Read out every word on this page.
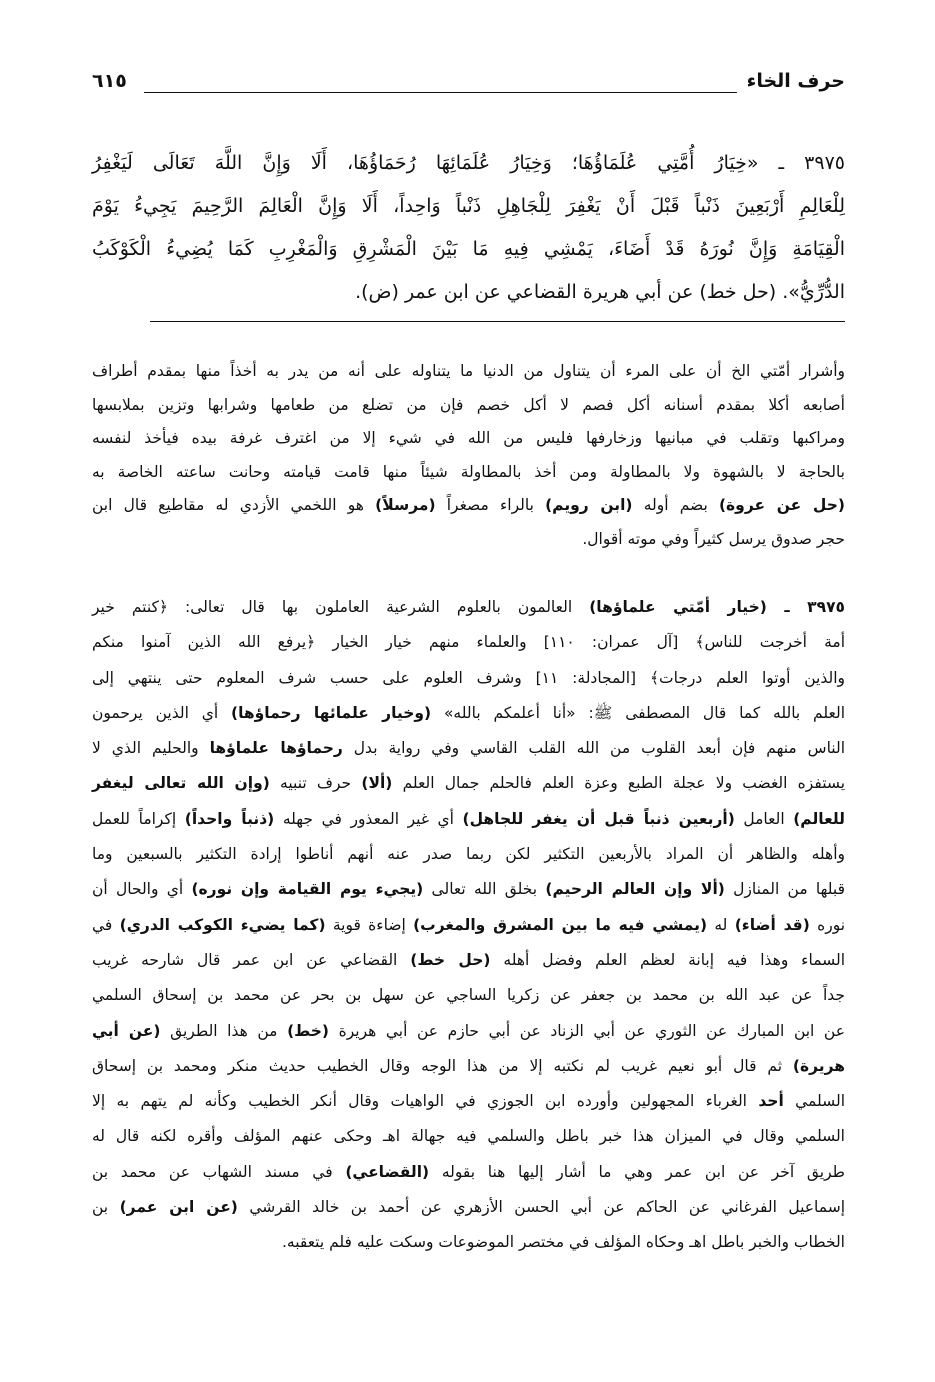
حرف الخاء
٦١٥
٣٩٧٥ ـ «خِيَارُ أُمَّتِي عُلَمَاؤُهَا؛ وَخِيَارُ عُلَمَائِهَا رُحَمَاؤُهَا، أَلَا وَإِنَّ اللَّهَ تَعَالَى لَيَغْفِرُ
لِلْعَالِمِ أَرْبَعِينَ ذَنْباً قَبْلَ أَنْ يَغْفِرَ لِلْجَاهِلِ ذَنْباً وَاحِداً، أَلَا وَإِنَّ الْعَالِمَ الرَّحِيمَ يَجِيءُ يَوْمَ
الْقِيَامَةِ وَإِنَّ نُورَهُ قَدْ أَضَاءَ، يَمْشِي فِيهِ مَا بَيْنَ الْمَشْرِقِ وَالْمَغْرِبِ كَمَا يُضِيءُ الْكَوْكَبُ
الدُّرِّيُّ». (حل خط) عن أبي هريرة القضاعي عن ابن عمر (ض).
وأشرار أمّتي الخ أن على المرء أن يتناول من الدنيا ما يتناوله على أنه من يدر به أخذاً منها بمقدم أطراف
أصابعه أكلا بمقدم أسنانه أكل فصم لا أكل خصم فإن من تضلع من طعامها وشرابها وتزين بملابسها
ومراكبها وتقلب في مبانيها وزخارفها فليس من الله في شيء إلا من اغترف غرفة بيده فيأخذ لنفسه
بالحاجة لا بالشهوة ولا بالمطاولة ومن أخذ بالمطاولة شيئاً منها قامت قيامته وحانت ساعته الخاصة به
(حل عن عروة) بضم أوله (ابن رويم) بالراء مصغراً (مرسلاً) هو اللخمي الأزدي له مقاطيع قال ابن
حجر صدوق يرسل كثيراً وفي موته أقوال.
٣٩٧٥ ـ (خيار أمّتي علماؤها) العالمون بالعلوم الشرعية العاملون بها قال تعالى: ﴿كنتم خير
أمة أخرجت للناس﴾ [آل عمران: ١١٠] والعلماء منهم خيار الخيار ﴿يرفع الله الذين آمنوا منكم
والذين أوتوا العلم درجات﴾ [المجادلة: ١١] وشرف العلوم على حسب شرف المعلوم حتى ينتهي إلى
العلم بالله كما قال المصطفى ﷺ: «أنا أعلمكم بالله» (وخيار علمائها رحماؤها) أي الذين يرحمون
الناس منهم فإن أبعد القلوب من الله القلب القاسي وفي رواية بدل رحماؤها علماؤها والحليم الذي لا
يستفزه الغضب ولا عجلة الطبع وعزة العلم فالحلم جمال العلم (ألا) حرف تنبيه (وإن الله تعالى ليغفر
للعالم) العامل (أربعين ذنباً قبل أن يغفر للجاهل) أي غير المعذور في جهله (ذنباً واحداً) إكراماً للعمل
وأهله والظاهر أن المراد بالأربعين التكثير لكن ربما صدر عنه أنهم أناطوا إرادة التكثير بالسبعين وما
قبلها من المنازل (ألا وإن العالم الرحيم) بخلق الله تعالى (يجيء يوم القيامة وإن نوره) أي والحال أن
نوره (قد أضاء) له (يمشي فيه ما بين المشرق والمغرب) إضاءة قوية (كما يضيء الكوكب الدري) في
السماء وهذا فيه إبانة لعظم العلم وفضل أهله (حل خط) القضاعي عن ابن عمر قال شارحه غريب
جداً عن عبد الله بن محمد بن جعفر عن زكريا الساجي عن سهل بن بحر عن محمد بن إسحاق السلمي
عن ابن المبارك عن الثوري عن أبي الزناد عن أبي حازم عن أبي هريرة (خط) من هذا الطريق (عن أبي
هريرة) ثم قال أبو نعيم غريب لم نكتبه إلا من هذا الوجه وقال الخطيب حديث منكر ومحمد بن إسحاق
السلمي أحد الغرباء المجهولين وأورده ابن الجوزي في الواهيات وقال أنكر الخطيب وكأنه لم يتهم به إلا
السلمي وقال في الميزان هذا خبر باطل والسلمي فيه جهالة اهـ وحكى عنهم المؤلف وأقره لكنه قال له
طريق آخر عن ابن عمر وهي ما أشار إليها هنا بقوله (القضاعي) في مسند الشهاب عن محمد بن
إسماعيل الفرغاني عن الحاكم عن أبي الحسن الأزهري عن أحمد بن خالد القرشي (عن ابن عمر) بن
الخطاب والخبر باطل اهـ وحكاه المؤلف في مختصر الموضوعات وسكت عليه فلم يتعقبه.
